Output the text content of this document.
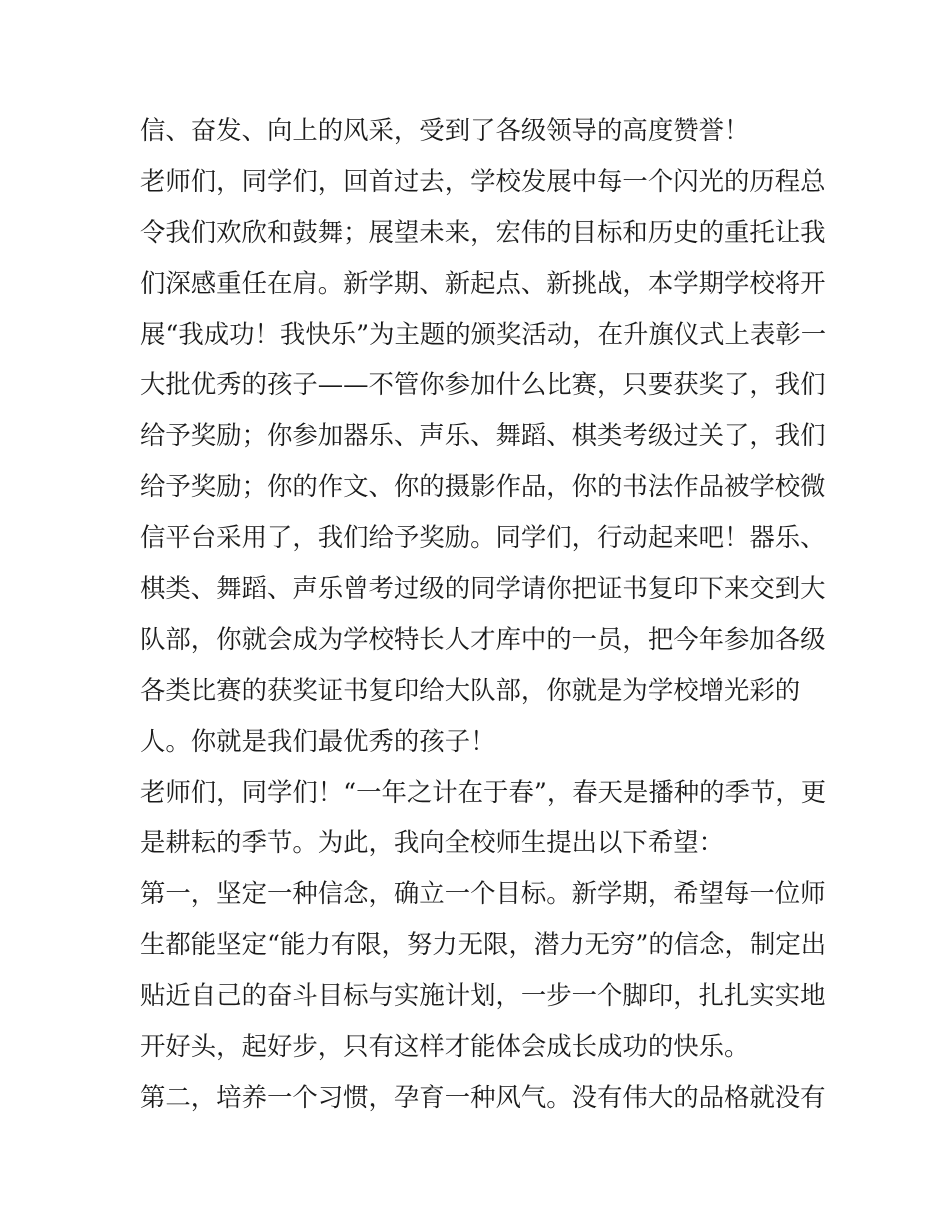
信、奋发、向上的风采，受到了各级领导的高度赞誉！
老师们，同学们，回首过去，学校发展中每一个闪光的历程总
令我们欢欣和鼓舞；展望未来，宏伟的目标和历史的重托让我
们深感重任在肩。新学期、新起点、新挑战，本学期学校将开
展“我成功！我快乐”为主题的颁奖活动，在升旗仪式上表彰一
大批优秀的孩子——不管你参加什么比赛，只要获奖了，我们
给予奖励；你参加器乐、声乐、舞蹈、棋类考级过关了，我们
给予奖励；你的作文、你的摄影作品，你的书法作品被学校微
信平台采用了，我们给予奖励。同学们，行动起来吧！器乐、
棋类、舞蹈、声乐曾考过级的同学请你把证书复印下来交到大
队部，你就会成为学校特长人才库中的一员，把今年参加各级
各类比赛的获奖证书复印给大队部，你就是为学校增光彩的
人。你就是我们最优秀的孩子！
老师们，同学们！“一年之计在于春”，春天是播种的季节，更
是耕耘的季节。为此，我向全校师生提出以下希望：
第一，坚定一种信念，确立一个目标。新学期，希望每一位师
生都能坚定“能力有限，努力无限，潜力无穷”的信念，制定出
贴近自己的奋斗目标与实施计划，一步一个脚印，扎扎实实地
开好头，起好步，只有这样才能体会成长成功的快乐。
第二，培养一个习惯，孕育一种风气。没有伟大的品格就没有
